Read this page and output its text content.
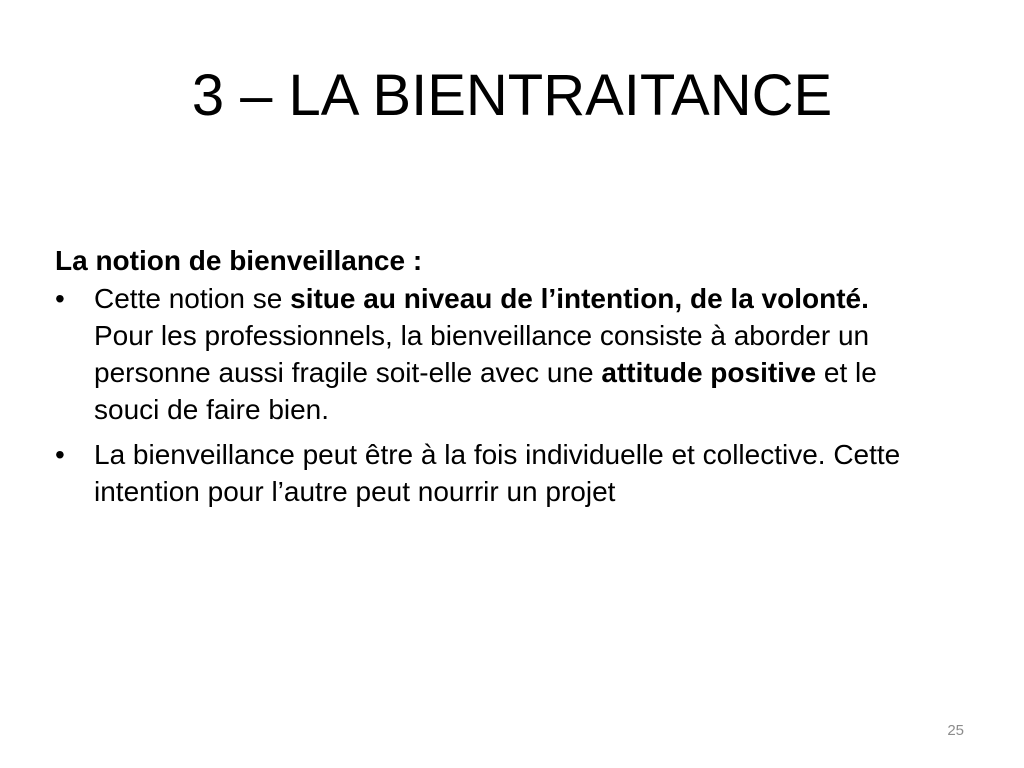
3 – LA BIENTRAITANCE

La notion de bienveillance :

• Cette notion se situe au niveau de l’intention, de la volonté. Pour les professionnels, la bienveillance consiste à aborder un personne aussi fragile soit-elle avec une attitude positive et le souci de faire bien.
• La bienveillance peut être à la fois individuelle et collective. Cette intention pour l’autre peut nourrir un projet
25
